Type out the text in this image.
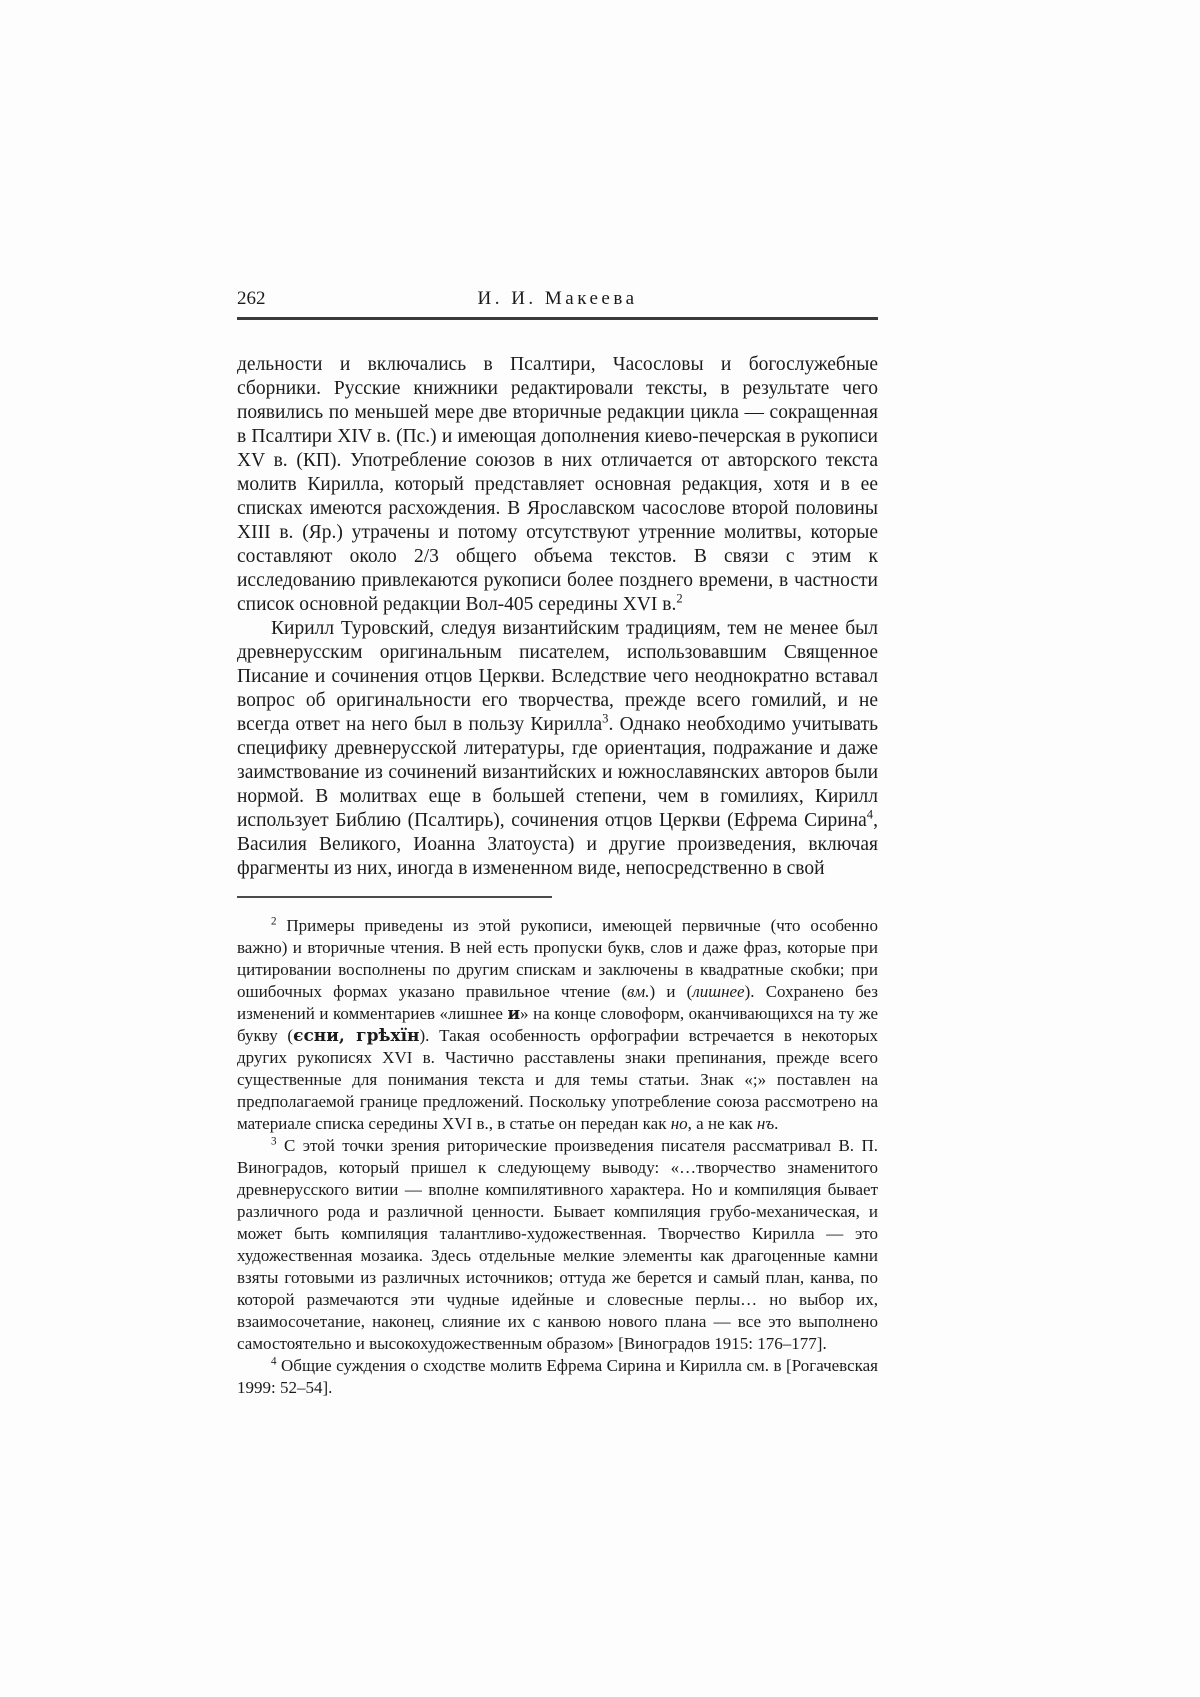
262	И. И. Макеева

дельности и включались в Псалтири, Часословы и богослужебные сборники. Русские книжники редактировали тексты, в результате чего появились по меньшей мере две вторичные редакции цикла — сокращенная в Псалтири XIV в. (Пс.) и имеющая дополнения киево-печерская в рукописи XV в. (КП). Употребление союзов в них отличается от авторского текста молитв Кирилла, который представляет основная редакция, хотя и в ее списках имеются расхождения. В Ярославском часослове второй половины XIII в. (Яр.) утрачены и потому отсутствуют утренние молитвы, которые составляют около 2/3 общего объема текстов. В связи с этим к исследованию привлекаются рукописи более позднего времени, в частности список основной редакции Вол-405 середины XVI в.$^2$

Кирилл Туровский, следуя византийским традициям, тем не менее был древнерусским оригинальным писателем, использовавшим Священное Писание и сочинения отцов Церкви. Вследствие чего неоднократно вставал вопрос об оригинальности его творчества, прежде всего гомилий, и не всегда ответ на него был в пользу Кирилла$^3$. Однако необходимо учитывать специфику древнерусской литературы, где ориентация, подражание и даже заимствование из сочинений византийских и южнославянских авторов были нормой. В молитвах еще в большей степени, чем в гомилиях, Кирилл использует Библию (Псалтирь), сочинения отцов Церкви (Ефрема Сирина$^4$, Василия Великого, Иоанна Златоуста) и другие произведения, включая фрагменты из них, иногда в измененном виде, непосредственно в свой

$^2$ Примеры приведены из этой рукописи, имеющей первичные (что особенно важно) и вторичные чтения. В ней есть пропуски букв, слов и даже фраз, которые при цитировании восполнены по другим спискам и заключены в квадратные скобки; при ошибочных формах указано правильное чтение (вм.) и (лишнее). Сохранено без изменений и комментариев «лишнее и» на конце словоформ, оканчивающихся на ту же букву (єсни, грѣхїн). Такая особенность орфографии встречается в некоторых других рукописях XVI в. Частично расставлены знаки препинания, прежде всего существенные для понимания текста и для темы статьи. Знак «;» поставлен на предполагаемой границе предложений. Поскольку употребление союза рассмотрено на материале списка середины XVI в., в статье он передан как но, а не как нъ.

$^3$ С этой точки зрения риторические произведения писателя рассматривал В. П. Виноградов, который пришел к следующему выводу: «…творчество знаменитого древнерусского витии — вполне компилятивного характера. Но и компиляция бывает различного рода и различной ценности. Бывает компиляция грубо-механическая, и может быть компиляция талантливо-художественная. Творчество Кирилла — это художественная мозаика. Здесь отдельные мелкие элементы как драгоценные камни взяты готовыми из различных источников; оттуда же берется и самый план, канва, по которой размечаются эти чудные идейные и словесные перлы… но выбор их, взаимосочетание, наконец, слияние их с канвою нового плана — все это выполнено самостоятельно и высокохудожественным образом» [Виноградов 1915: 176–177].

$^4$ Общие суждения о сходстве молитв Ефрема Сирина и Кирилла см. в [Рогачевская 1999: 52–54].
